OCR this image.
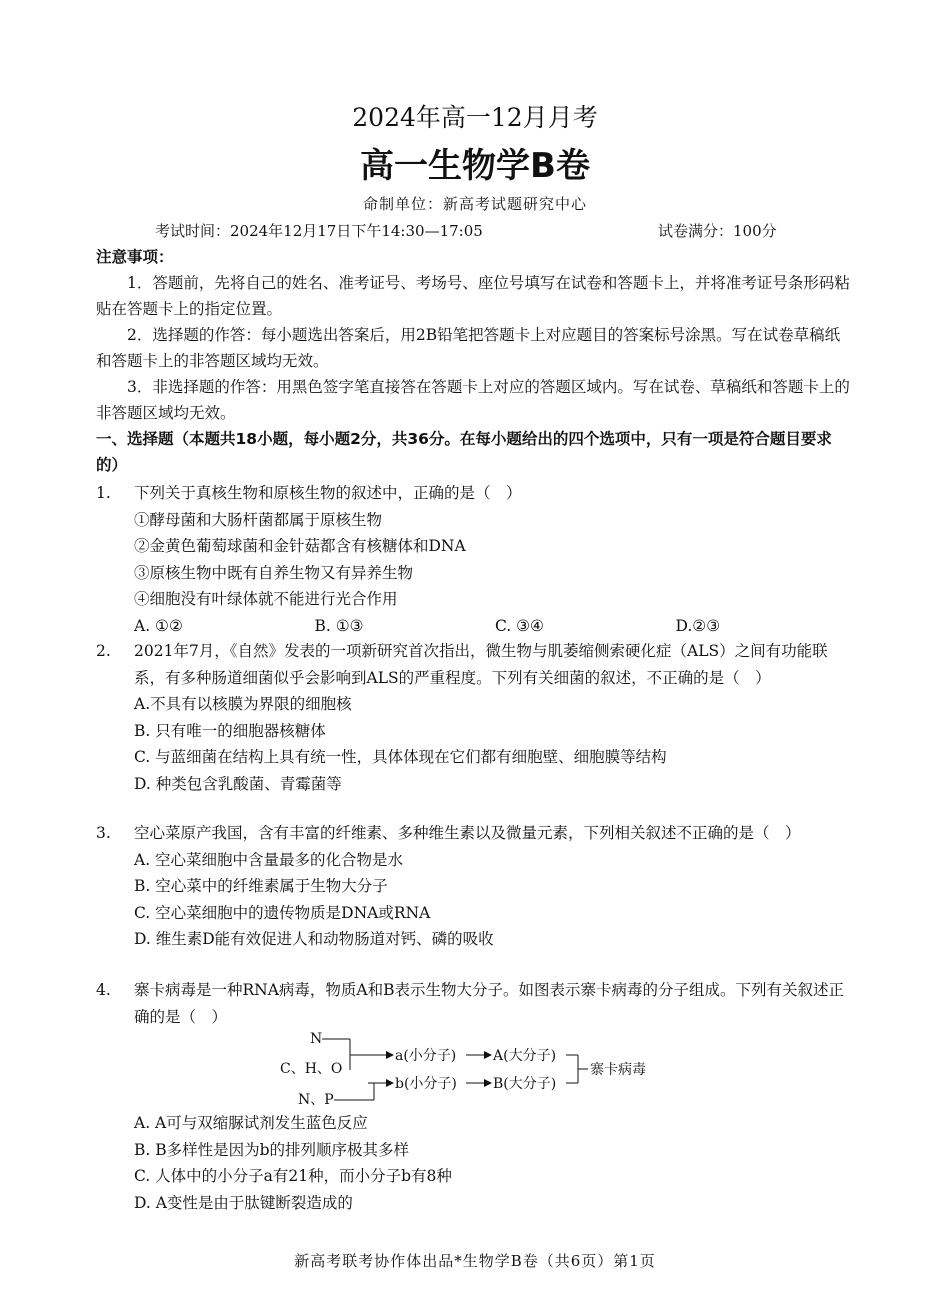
2024年高一12月月考
高一生物学B卷
命制单位：新高考试题研究中心
考试时间：2024年12月17日下午14:30—17:05	试卷满分：100分
注意事项：
1．答题前，先将自己的姓名、准考证号、考场号、座位号填写在试卷和答题卡上，并将准考证号条形码粘贴在答题卡上的指定位置。
2．选择题的作答：每小题选出答案后，用2B铅笔把答题卡上对应题目的答案标号涂黑。写在试卷草稿纸和答题卡上的非答题区域均无效。
3．非选择题的作答：用黑色签字笔直接答在答题卡上对应的答题区域内。写在试卷、草稿纸和答题卡上的非答题区域均无效。
一、选择题（本题共18小题，每小题2分，共36分。在每小题给出的四个选项中，只有一项是符合题目要求的）
1. 下列关于真核生物和原核生物的叙述中，正确的是（　）
①酵母菌和大肠杆菌都属于原核生物
②金黄色葡萄球菌和金针菇都含有核糖体和DNA
③原核生物中既有自养生物又有异养生物
④细胞没有叶绿体就不能进行光合作用
A. ①②	B. ①③	C. ③④	D.②③
2. 2021年7月，《自然》发表的一项新研究首次指出，微生物与肌萎缩侧索硬化症（ALS）之间有功能联系，有多种肠道细菌似乎会影响到ALS的严重程度。下列有关细菌的叙述，不正确的是（　）
A.不具有以核膜为界限的细胞核
B. 只有唯一的细胞器核糖体
C. 与蓝细菌在结构上具有统一性，具体体现在它们都有细胞壁、细胞膜等结构
D. 种类包含乳酸菌、青霉菌等
3. 空心菜原产我国，含有丰富的纤维素、多种维生素以及微量元素，下列相关叙述不正确的是（　）
A. 空心菜细胞中含量最多的化合物是水
B. 空心菜中的纤维素属于生物大分子
C. 空心菜细胞中的遗传物质是DNA或RNA
D. 维生素D能有效促进人和动物肠道对钙、磷的吸收
4. 寨卡病毒是一种RNA病毒，物质A和B表示生物大分子。如图表示寨卡病毒的分子组成。下列有关叙述正确的是（　）
N
C、H、O
N、P
a(小分子)
b(小分子)
A(大分子)
B(大分子)
寨卡病毒
A. A可与双缩脲试剂发生蓝色反应
B. B多样性是因为b的排列顺序极其多样
C. 人体中的小分子a有21种，而小分子b有8种
D. A变性是由于肽键断裂造成的
新高考联考协作体出品*生物学B卷（共6页）第1页
